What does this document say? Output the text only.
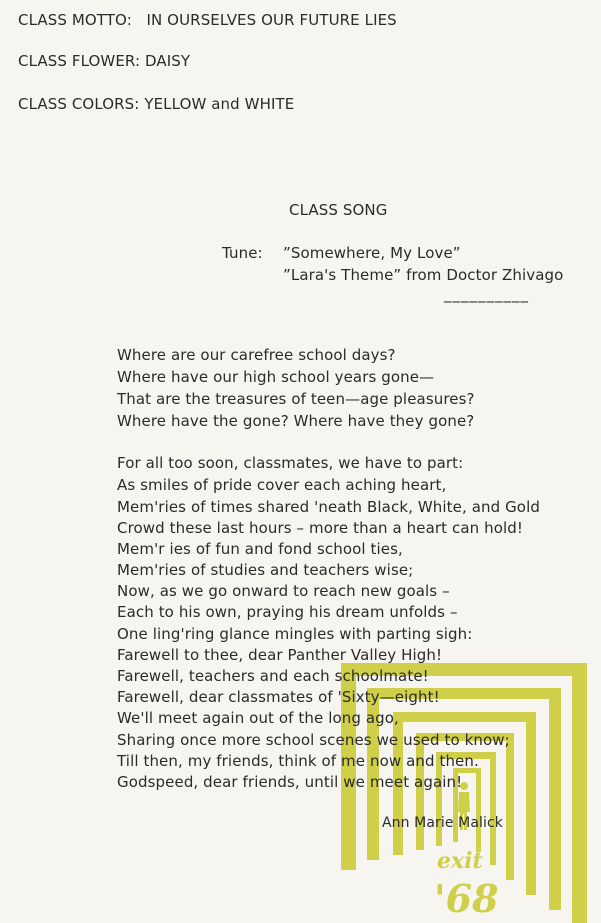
exit
'68
CLASS MOTTO: IN OURSELVES OUR FUTURE LIES
CLASS FLOWER: DAISY
CLASS COLORS: YELLOW and WHITE
CLASS SONG
Tune: ”Somewhere, My Love”
”Lara's Theme” from Doctor Zhivago
__________
Where are our carefree school days?
Where have our high school years gone—
That are the treasures of teen—age pleasures?
Where have the gone? Where have they gone?
For all too soon, classmates, we have to part:
As smiles of pride cover each aching heart,
Mem'ries of times shared 'neath Black, White, and Gold
Crowd these last hours – more than a heart can hold!
Mem'r ies of fun and fond school ties,
Mem'ries of studies and teachers wise;
Now, as we go onward to reach new goals –
Each to his own, praying his dream unfolds –
One ling'ring glance mingles with parting sigh:
Farewell to thee, dear Panther Valley High!
Farewell, teachers and each schoolmate!
Farewell, dear classmates of 'Sixty—eight!
We'll meet again out of the long ago,
Sharing once more school scenes we used to know;
Till then, my friends, think of me now and then.
Godspeed, dear friends, until we meet again!
Ann Marie Malick
